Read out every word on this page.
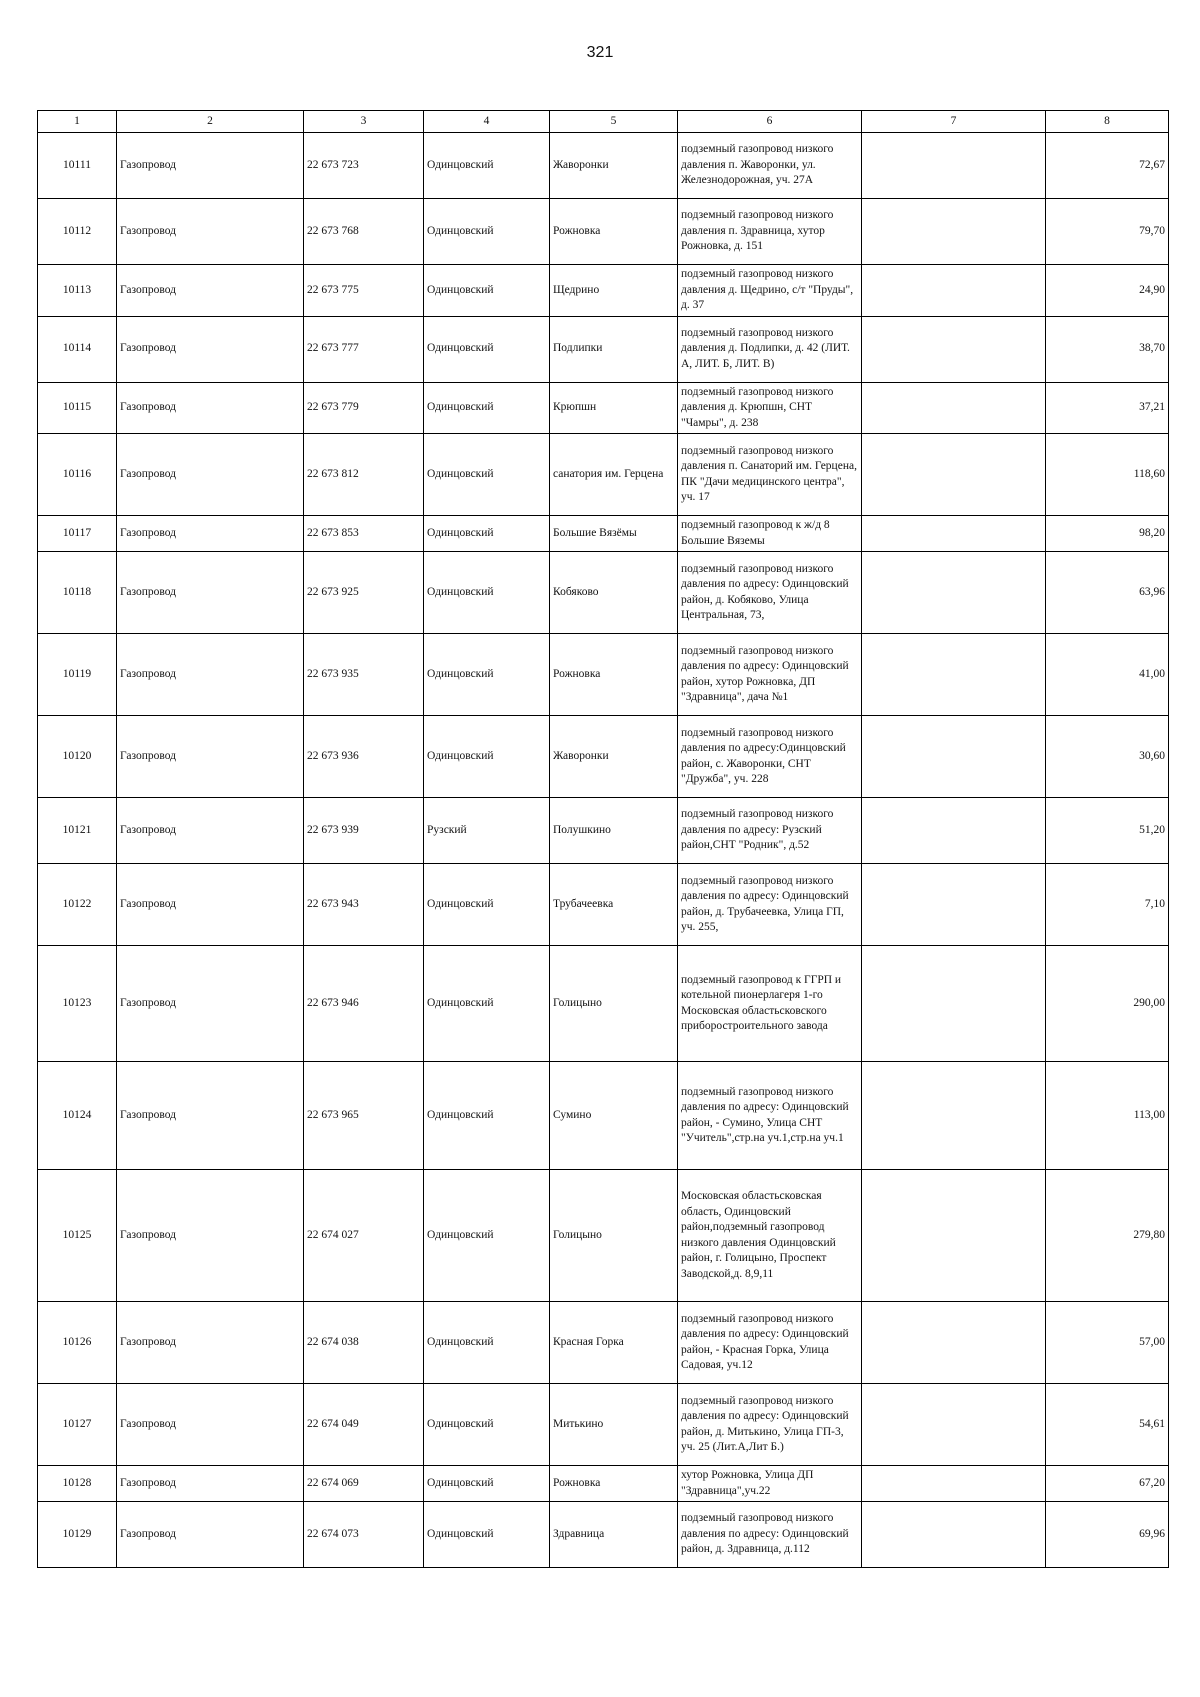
321
1	2	3	4	5	6	7	8
10111	Газопровод	22 673 723	Одинцовский	Жаворонки	подземный газопровод низкого давления п. Жаворонки, ул. Железнодорожная, уч. 27А		72,67
10112	Газопровод	22 673 768	Одинцовский	Рожновка	подземный газопровод низкого давления п. Здравница, хутор Рожновка, д. 151		79,70
10113	Газопровод	22 673 775	Одинцовский	Щедрино	подземный газопровод низкого давления д. Щедрино, с/т "Пруды", д. 37		24,90
10114	Газопровод	22 673 777	Одинцовский	Подлипки	подземный газопровод низкого давления д. Подлипки, д. 42 (ЛИТ. А, ЛИТ. Б, ЛИТ. В)		38,70
10115	Газопровод	22 673 779	Одинцовский	Крюпшн	подземный газопровод низкого давления д. Крюпшн, СНТ "Чамры", д. 238		37,21
10116	Газопровод	22 673 812	Одинцовский	санатория им. Герцена	подземный газопровод низкого давления п. Санаторий им. Герцена, ПК "Дачи медицинского центра", уч. 17		118,60
10117	Газопровод	22 673 853	Одинцовский	Большие Вязёмы	подземный газопровод к ж/д 8 Большие Вяземы		98,20
10118	Газопровод	22 673 925	Одинцовский	Кобяково	подземный газопровод низкого давления по адресу: Одинцовский район, д. Кобяково, Улица Центральная, 73,		63,96
10119	Газопровод	22 673 935	Одинцовский	Рожновка	подземный газопровод низкого давления по адресу: Одинцовский район, хутор Рожновка, ДП "Здравница", дача №1		41,00
10120	Газопровод	22 673 936	Одинцовский	Жаворонки	подземный газопровод низкого давления по адресу:Одинцовский район, с. Жаворонки, СНТ "Дружба", уч. 228		30,60
10121	Газопровод	22 673 939	Рузский	Полушкино	подземный газопровод низкого давления по адресу: Рузский район,СНТ "Родник", д.52		51,20
10122	Газопровод	22 673 943	Одинцовский	Трубачеевка	подземный газопровод низкого давления по адресу: Одинцовский район, д. Трубачеевка, Улица ГП, уч. 255,		7,10
10123	Газопровод	22 673 946	Одинцовский	Голицыно	подземный газопровод к ГГРП и котельной пионерлагеря 1-го Московская областьсковского приборостроительного завода		290,00
10124	Газопровод	22 673 965	Одинцовский	Сумино	подземный газопровод низкого давления по адресу: Одинцовский район, - Сумино, Улица СНТ "Учитель",стр.на уч.1,стр.на уч.1		113,00
10125	Газопровод	22 674 027	Одинцовский	Голицыно	Московская областьсковская область, Одинцовский район,подземный газопровод низкого давления Одинцовский район, г. Голицыно, Проспект Заводской,д. 8,9,11		279,80
10126	Газопровод	22 674 038	Одинцовский	Красная Горка	подземный газопровод низкого давления по адресу: Одинцовский район, - Красная Горка, Улица Садовая, уч.12		57,00
10127	Газопровод	22 674 049	Одинцовский	Митькино	подземный газопровод низкого давления по адресу: Одинцовский район, д. Митькино, Улица ГП-3, уч. 25 (Лит.А,Лит Б.)		54,61
10128	Газопровод	22 674 069	Одинцовский	Рожновка	хутор Рожновка, Улица ДП "Здравница",уч.22		67,20
10129	Газопровод	22 674 073	Одинцовский	Здравница	подземный газопровод низкого давления по адресу: Одинцовский район, д. Здравница, д.112		69,96
